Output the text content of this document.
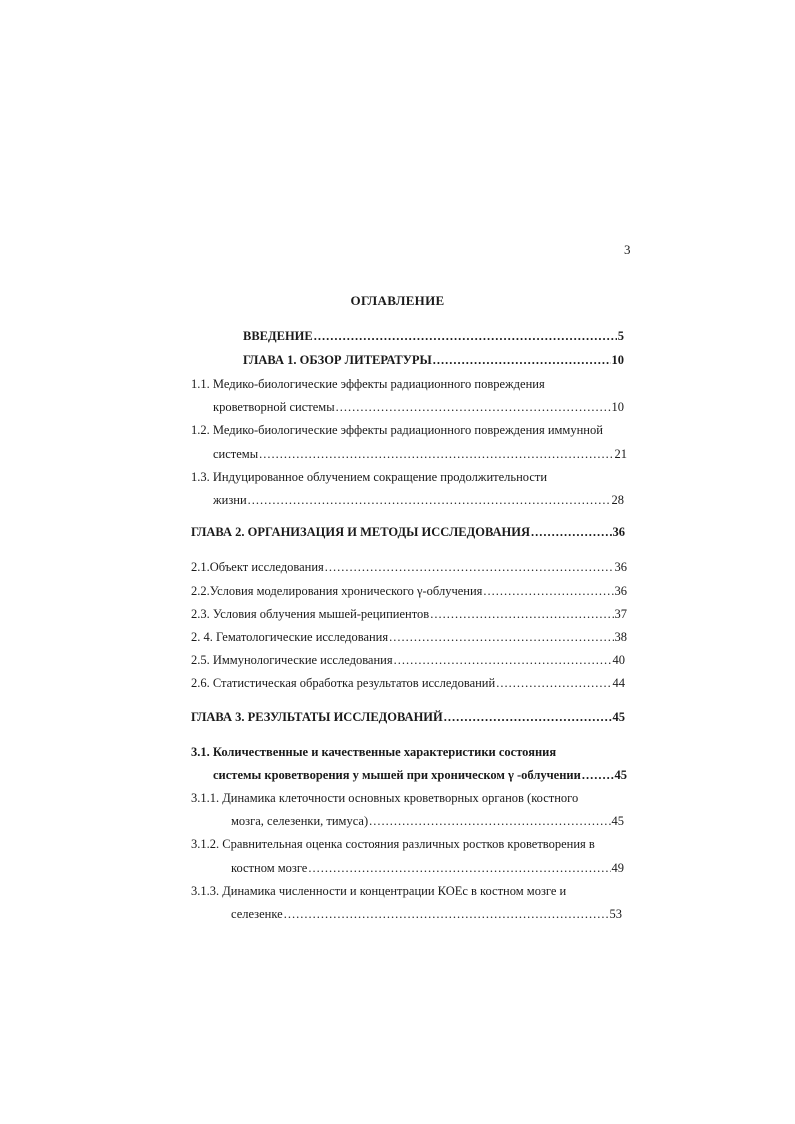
3
ОГЛАВЛЕНИЕ
ВВЕДЕНИЕ .....	5
ГЛАВА 1. ОБЗОР ЛИТЕРАТУРЫ .....	10
1.1. Медико-биологические эффекты радиационного повреждения
кроветворной системы .....	10
1.2. Медико-биологические эффекты радиационного повреждения иммунной
системы .....	21
1.3. Индуцированное облучением сокращение продолжительности
жизни .....	28
ГЛАВА 2. ОРГАНИЗАЦИЯ И МЕТОДЫ ИССЛЕДОВАНИЯ .....	36
2.1.Объект исследования .....	36
2.2.Условия моделирования хронического γ-облучения .....	36
2.3. Условия облучения мышей-реципиентов .....	37
2. 4. Гематологические исследования .....	38
2.5. Иммунологические исследования .....	40
2.6. Статистическая обработка результатов исследований .....	44
ГЛАВА 3. РЕЗУЛЬТАТЫ ИССЛЕДОВАНИЙ .....	45
3.1. Количественные и качественные характеристики состояния
системы кроветворения у мышей при хроническом γ -облучении .....	45
3.1.1. Динамика клеточности основных кроветворных органов (костного
мозга, селезенки, тимуса) .....	45
3.1.2. Сравнительная оценка состояния различных ростков кроветворения в
костном мозге .....	49
3.1.3. Динамика численности и концентрации КОЕс в костном мозге и
селезенке .....	53
